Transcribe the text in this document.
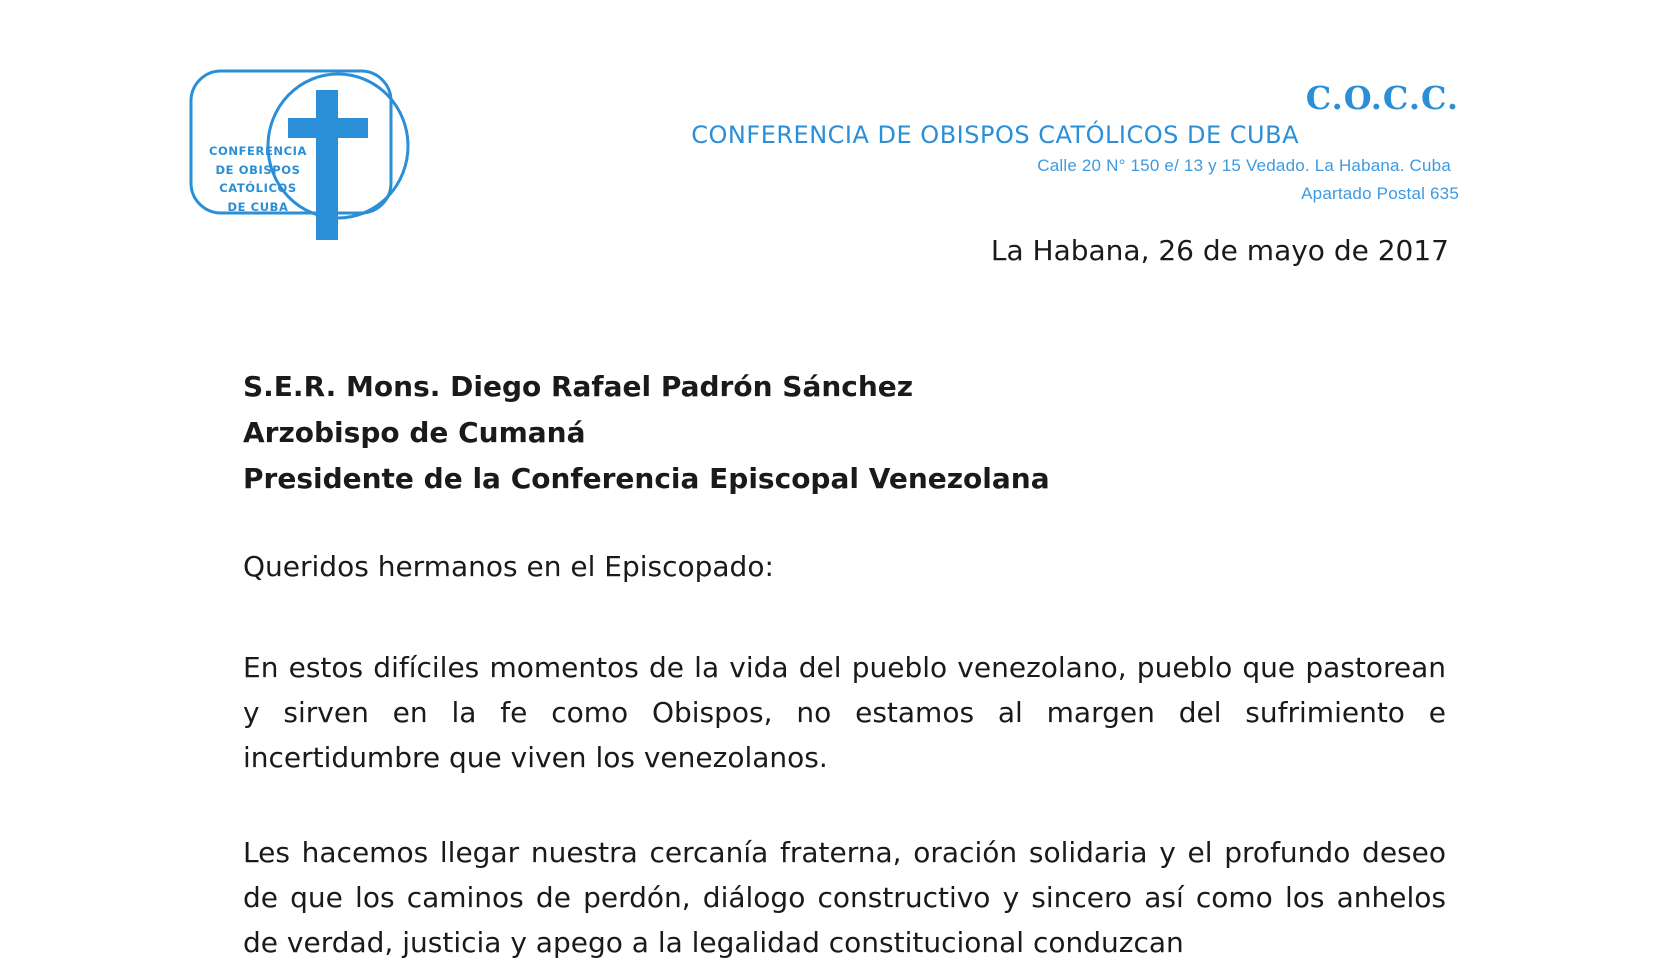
CONFERENCIA
DE OBISPOS
CATÓLICOS
DE CUBA
C.O.C.C.
CONFERENCIA DE OBISPOS CATÓLICOS DE CUBA
Calle 20 N° 150 e/ 13 y 15 Vedado. La Habana. Cuba
Apartado Postal 635
La Habana, 26 de mayo de 2017
S.E.R. Mons. Diego Rafael Padrón Sánchez
Arzobispo de Cumaná
Presidente de la Conferencia Episcopal Venezolana
Queridos hermanos en el Episcopado:
En estos difíciles momentos de la vida del pueblo venezolano, pueblo que pastorean y sirven en la fe como Obispos, no estamos al margen del sufrimiento e incertidumbre que viven los venezolanos.
Les hacemos llegar nuestra cercanía fraterna, oración solidaria y el profundo deseo de que los caminos de perdón, diálogo constructivo y sincero así como los anhelos de verdad, justicia y apego a la legalidad constitucional conduzcan
